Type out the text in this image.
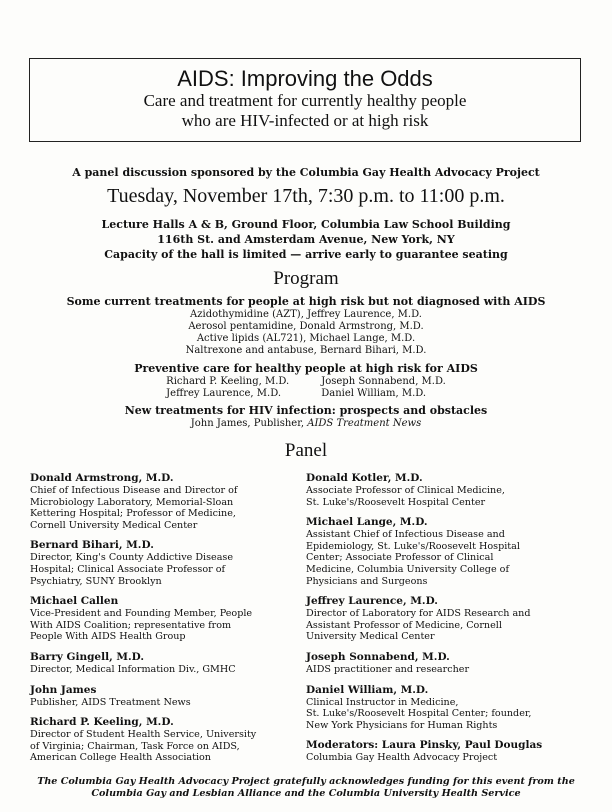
AIDS: Improving the Odds
Care and treatment for currently healthy people
who are HIV-infected or at high risk
A panel discussion sponsored by the Columbia Gay Health Advocacy Project
Tuesday, November 17th, 7:30 p.m. to 11:00 p.m.
Lecture Halls A & B, Ground Floor, Columbia Law School Building
116th St. and Amsterdam Avenue, New York, NY
Capacity of the hall is limited — arrive early to guarantee seating
Program
Some current treatments for people at high risk but not diagnosed with AIDS
Azidothymidine (AZT), Jeffrey Laurence, M.D.
Aerosol pentamidine, Donald Armstrong, M.D.
Active lipids (AL721), Michael Lange, M.D.
Naltrexone and antabuse, Bernard Bihari, M.D.
Preventive care for healthy people at high risk for AIDS
Richard P. Keeling, M.D.
Jeffrey Laurence, M.D.
Joseph Sonnabend, M.D.
Daniel William, M.D.
New treatments for HIV infection: prospects and obstacles
John James, Publisher, AIDS Treatment News
Panel
Donald Armstrong, M.D.
Chief of Infectious Disease and Director of
Microbiology Laboratory, Memorial-Sloan
Kettering Hospital; Professor of Medicine,
Cornell University Medical Center
Bernard Bihari, M.D.
Director, King's County Addictive Disease
Hospital; Clinical Associate Professor of
Psychiatry, SUNY Brooklyn
Michael Callen
Vice-President and Founding Member, People
With AIDS Coalition; representative from
People With AIDS Health Group
Barry Gingell, M.D.
Director, Medical Information Div., GMHC
John James
Publisher, AIDS Treatment News
Richard P. Keeling, M.D.
Director of Student Health Service, University
of Virginia; Chairman, Task Force on AIDS,
American College Health Association
Donald Kotler, M.D.
Associate Professor of Clinical Medicine,
St. Luke's/Roosevelt Hospital Center
Michael Lange, M.D.
Assistant Chief of Infectious Disease and
Epidemiology, St. Luke's/Roosevelt Hospital
Center; Associate Professor of Clinical
Medicine, Columbia University College of
Physicians and Surgeons
Jeffrey Laurence, M.D.
Director of Laboratory for AIDS Research and
Assistant Professor of Medicine, Cornell
University Medical Center
Joseph Sonnabend, M.D.
AIDS practitioner and researcher
Daniel William, M.D.
Clinical Instructor in Medicine,
St. Luke's/Roosevelt Hospital Center; founder,
New York Physicians for Human Rights
Moderators: Laura Pinsky, Paul Douglas
Columbia Gay Health Advocacy Project
The Columbia Gay Health Advocacy Project gratefully acknowledges funding for this event from the
Columbia Gay and Lesbian Alliance and the Columbia University Health Service
